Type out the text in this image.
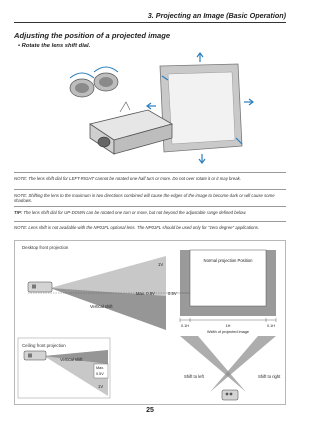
3. Projecting an Image (Basic Operation)
Adjusting the position of a projected image
• Rotate the lens shift dial.
NOTE: The lens shift dial for LEFT-RIGHT cannot be rotated one-half turn or more. Do not over rotate it or it may break.
NOTE: Shifting the lens to the maximum in two directions combined will cause the edges of the image to become dark or will cause some shadows.
TIP: The lens shift dial for UP-DOWN can be rotated one turn or more, but not beyond the adjustable range defined below.
NOTE: Lens shift is not available with the NP01FL optional lens. The NP01FL should be used only for "zero degree" applications.
Desktop front projection
Vertical shift
Max. 0.5V
1V
0.5V
Normal projection Position
0.1H	1H	0.1H
Width of projected image
Shift to left	Shift to right
Ceiling front projection
Vertical shift
Max.
0.5V
1V
25
